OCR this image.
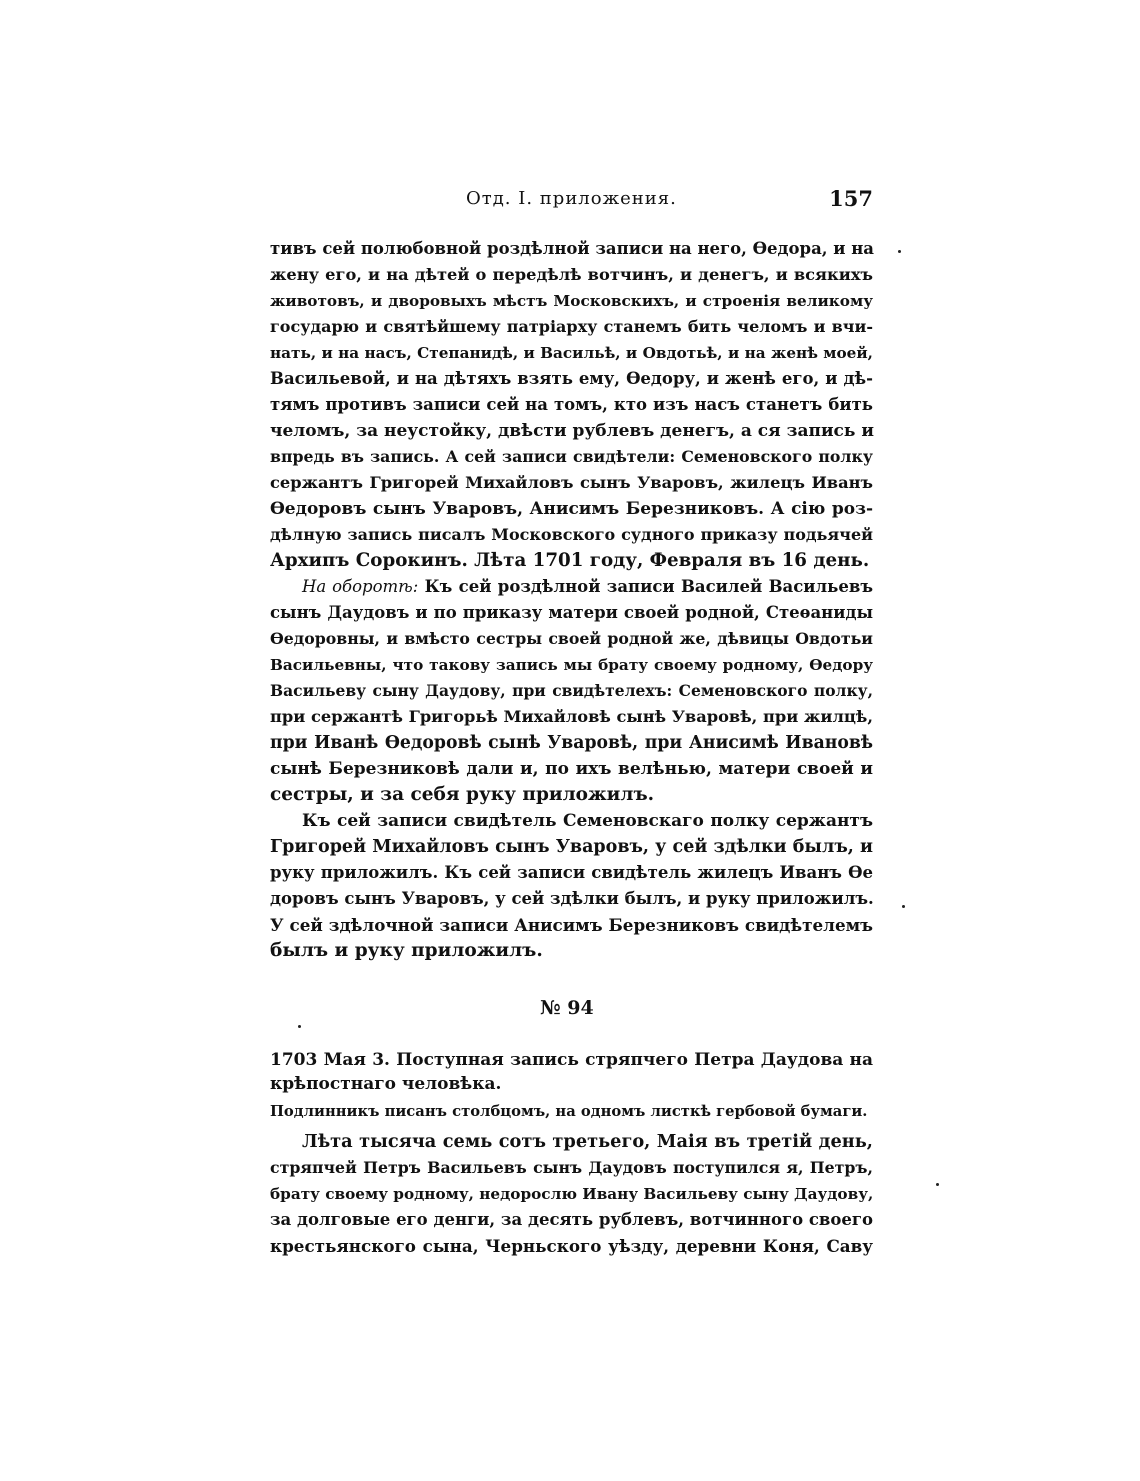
Отд. I. приложения.	157
тивъ сей полюбовной роздѣлной записи на него, Ѳедора, и на
жену его, и на дѣтей о передѣлѣ вотчинъ, и денегъ, и всякихъ
животовъ, и дворовыхъ мѣстъ Московскихъ, и строенія великому
государю и святѣйшему патріарху станемъ бить челомъ и вчи-
нать, и на насъ, Степанидѣ, и Васильѣ, и Овдотьѣ, и на женѣ моей,
Васильевой, и на дѣтяхъ взять ему, Ѳедору, и женѣ его, и дѣ-
тямъ противъ записи сей на томъ, кто изъ насъ станетъ бить
челомъ, за неустойку, двѣсти рублевъ денегъ, а ся запись и
впредь въ запись. А сей записи свидѣтели: Семеновского полку
сержантъ Григорей Михайловъ сынъ Уваровъ, жилецъ Иванъ
Ѳедоровъ сынъ Уваровъ, Анисимъ Березниковъ. А сію роз-
дѣлную запись писалъ Московского судного приказу подьячей
Архипъ Сорокинъ. Лѣта 1701 году, Февраля въ 16 день.
На оборотѣ: Къ сей роздѣлной записи Василей Васильевъ
сынъ Даудовъ и по приказу матери своей родной, Стеѳаниды
Ѳедоровны, и вмѣсто сестры своей родной же, дѣвицы Овдотьи
Васильевны, что такову запись мы брату своему родному, Ѳедору
Васильеву сыну Даудову, при свидѣтелехъ: Семеновского полку,
при сержантѣ Григорьѣ Михайловѣ сынѣ Уваровѣ, при жилцѣ,
при Иванѣ Ѳедоровѣ сынѣ Уваровѣ, при Анисимѣ Ивановѣ
сынѣ Березниковѣ дали и, по ихъ велѣнью, матери своей и
сестры, и за себя руку приложилъ.
Къ сей записи свидѣтель Семеновскаго полку сержантъ
Григорей Михайловъ сынъ Уваровъ, у сей здѣлки былъ, и
руку приложилъ. Къ сей записи свидѣтель жилецъ Иванъ Ѳе
доровъ сынъ Уваровъ, у сей здѣлки былъ, и руку приложилъ.
У сей здѣлочной записи Анисимъ Березниковъ свидѣтелемъ
былъ и руку приложилъ.
№ 94
1703 Мая 3. Поступная запись стряпчего Петра Даудова на
крѣпостнаго человѣка.
Подлинникъ писанъ столбцомъ, на одномъ листкѣ гербовой бумаги.
Лѣта тысяча семь сотъ третьего, Маія въ третій день,
стряпчей Петръ Васильевъ сынъ Даудовъ поступился я, Петръ,
брату своему родному, недорослю Ивану Васильеву сыну Даудову,
за долговые его денги, за десять рублевъ, вотчинного своего
крестьянского сына, Черньского уѣзду, деревни Коня, Саву
